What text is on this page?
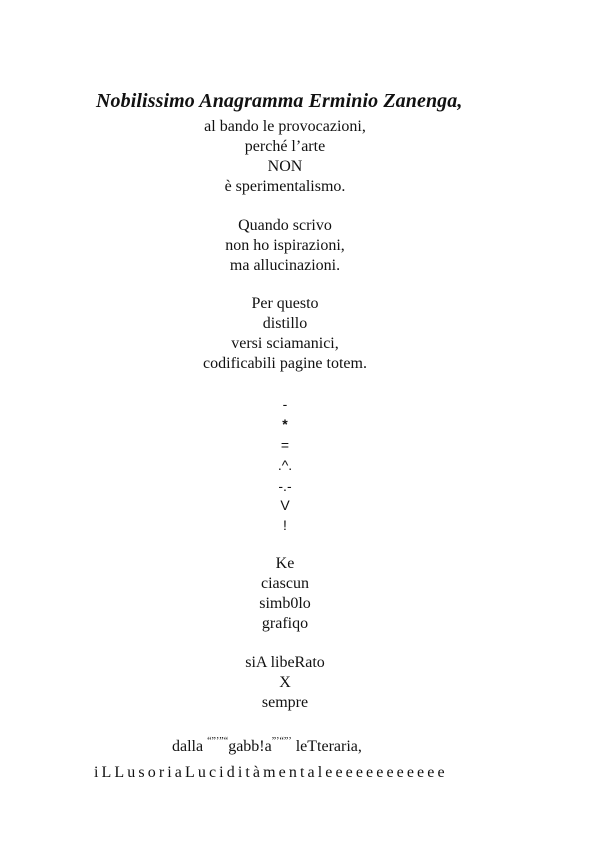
Nobilissimo Anagramma Erminio Zanenga,
al bando le provocazioni,
perché l’arte
NON
è sperimentalismo.
Quando scrivo
non ho ispirazioni,
ma allucinazioni.
Per questo
distillo
versi sciamanici,
codificabili pagine totem.
-
*
=
.^.
-.-
V
!
Ke
ciascun
simb0lo
grafiqo
siA libeRato
X
sempre
dalla “”’”“gabb!a”’“”’ leTteraria,
iLLusoriaLuciditàmentaleeeeeeeeeeee
